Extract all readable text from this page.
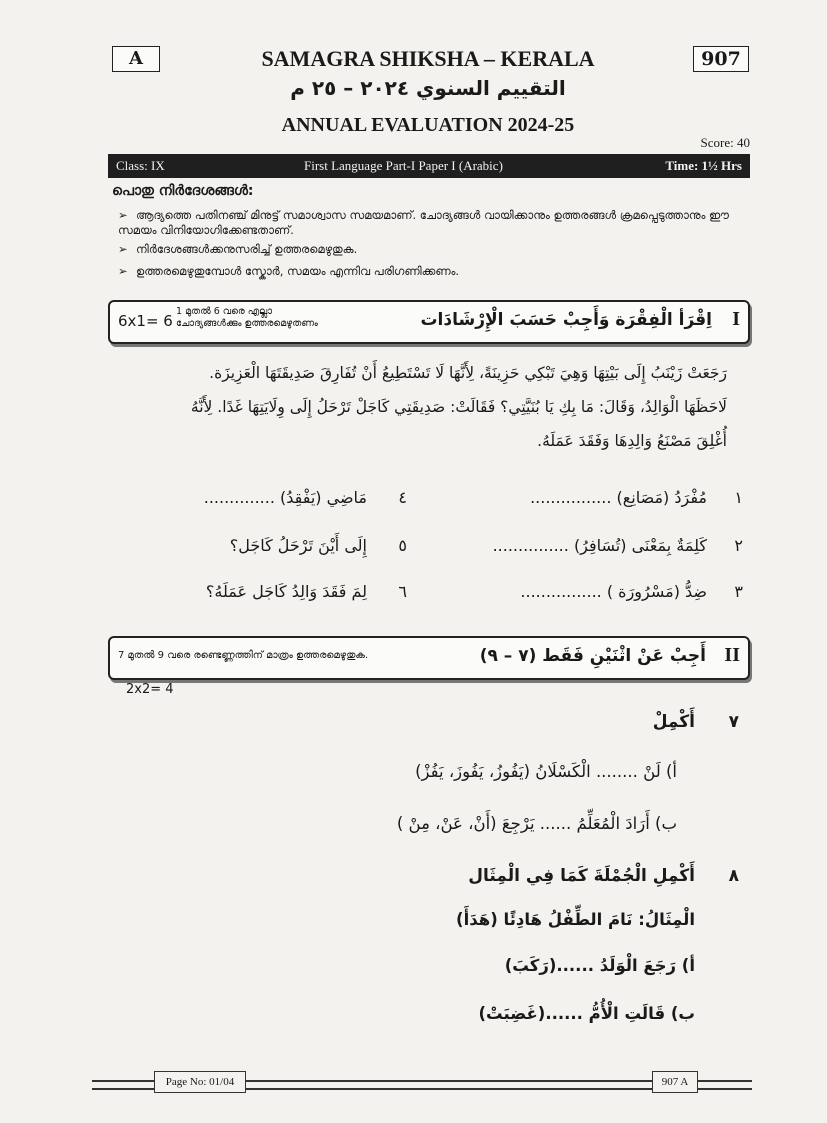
A	SAMAGRA SHIKSHA – KERALA	907
التقييم السنوي ٢٠٢٤ – ٢٥ م
ANNUAL EVALUATION 2024-25
Score: 40
Class: IX	First Language Part-I Paper I (Arabic)	Time: 1½ Hrs
പൊതു നിർദേശങ്ങൾ:
➢ ആദ്യത്തെ പതിനഞ്ച് മിനുട്ട് സമാശ്വാസ സമയമാണ്. ചോദ്യങ്ങൾ വായിക്കാനും ഉത്തരങ്ങൾ ക്രമപ്പെടുത്താനും ഈ സമയം വിനിയോഗിക്കേണ്ടതാണ്.
➢ നിർദേശങ്ങൾക്കനുസരിച്ച് ഉത്തരമെഴുതുക.
➢ ഉത്തരമെഴുതുമ്പോൾ സ്കോർ, സമയം എന്നിവ പരിഗണിക്കണം.
6x1= 6
1 മുതൽ 6 വരെ എല്ലാ
ചോദ്യങ്ങൾക്കും ഉത്തരമെഴുതണം	اِقْرَأ الْفِقْرَة وَأَجِبْ حَسَبَ الْإِرْشَادَات I
رَجَعَتْ زَيْنَبُ إِلَى بَيْتِهَا وَهِيَ تَبْكِي حَزِينَةً، لِأَنَّهَا لَا تَسْتَطِيعُ أَنْ تُفَارِقَ صَدِيقَتَهَا الْعَزِيزَة.
لَاحَظَهَا الْوَالِدُ، وَقَالَ: مَا بِكِ يَا بُنَيَّتِي؟ فَقَالَتْ: صَدِيقَتِي كَاجَلْ تَرْحَلُ إِلَى وِلَايَتِهَا غَدًا. لِأَنَّهُ
أُغْلِقَ مَصْنَعُ وَالِدِهَا وَفَقَدَ عَمَلَهُ.
١مُفْرَدُ (مَصَانِع) ................
٢كَلِمَةٌ بِمَعْنَى (تُسَافِرُ) ...............
٣ضِدُّ (مَسْرُورَة ) ................
٤مَاضِي (يَفْقِدُ) ..............
٥إِلَى أَيْنَ تَرْحَلُ كَاجَل؟
٦لِمَ فَقَدَ وَالِدُ كَاجَل عَمَلَهُ؟
7 മുതൽ 9 വരെ രണ്ടെണ്ണത്തിന് മാത്രം ഉത്തരമെഴുതുക.	أَجِبْ عَنْ اثْنَيْنِ فَقَط (٧ – ٩) II
2x2= 4
٧أَكْمِلْ
أ) لَنْ ........ الْكَسْلَانُ (يَفُوزُ، يَفُوزَ، يَفُزْ)
ب) أَرَادَ الْمُعَلِّمُ ...... يَرْجِعَ (أَنْ، عَنْ، مِنْ )
٨أَكْمِلِ الْجُمْلَةَ كَمَا فِي الْمِثَال
الْمِثَالُ: نَامَ الطِّفْلُ هَادِئًا (هَدَأَ)
أ) رَجَعَ الْوَلَدُ ......(رَكَبَ)
ب) قَالَتِ الْأُمُّ ......(غَضِبَتْ)
Page No: 01/04	907 A
